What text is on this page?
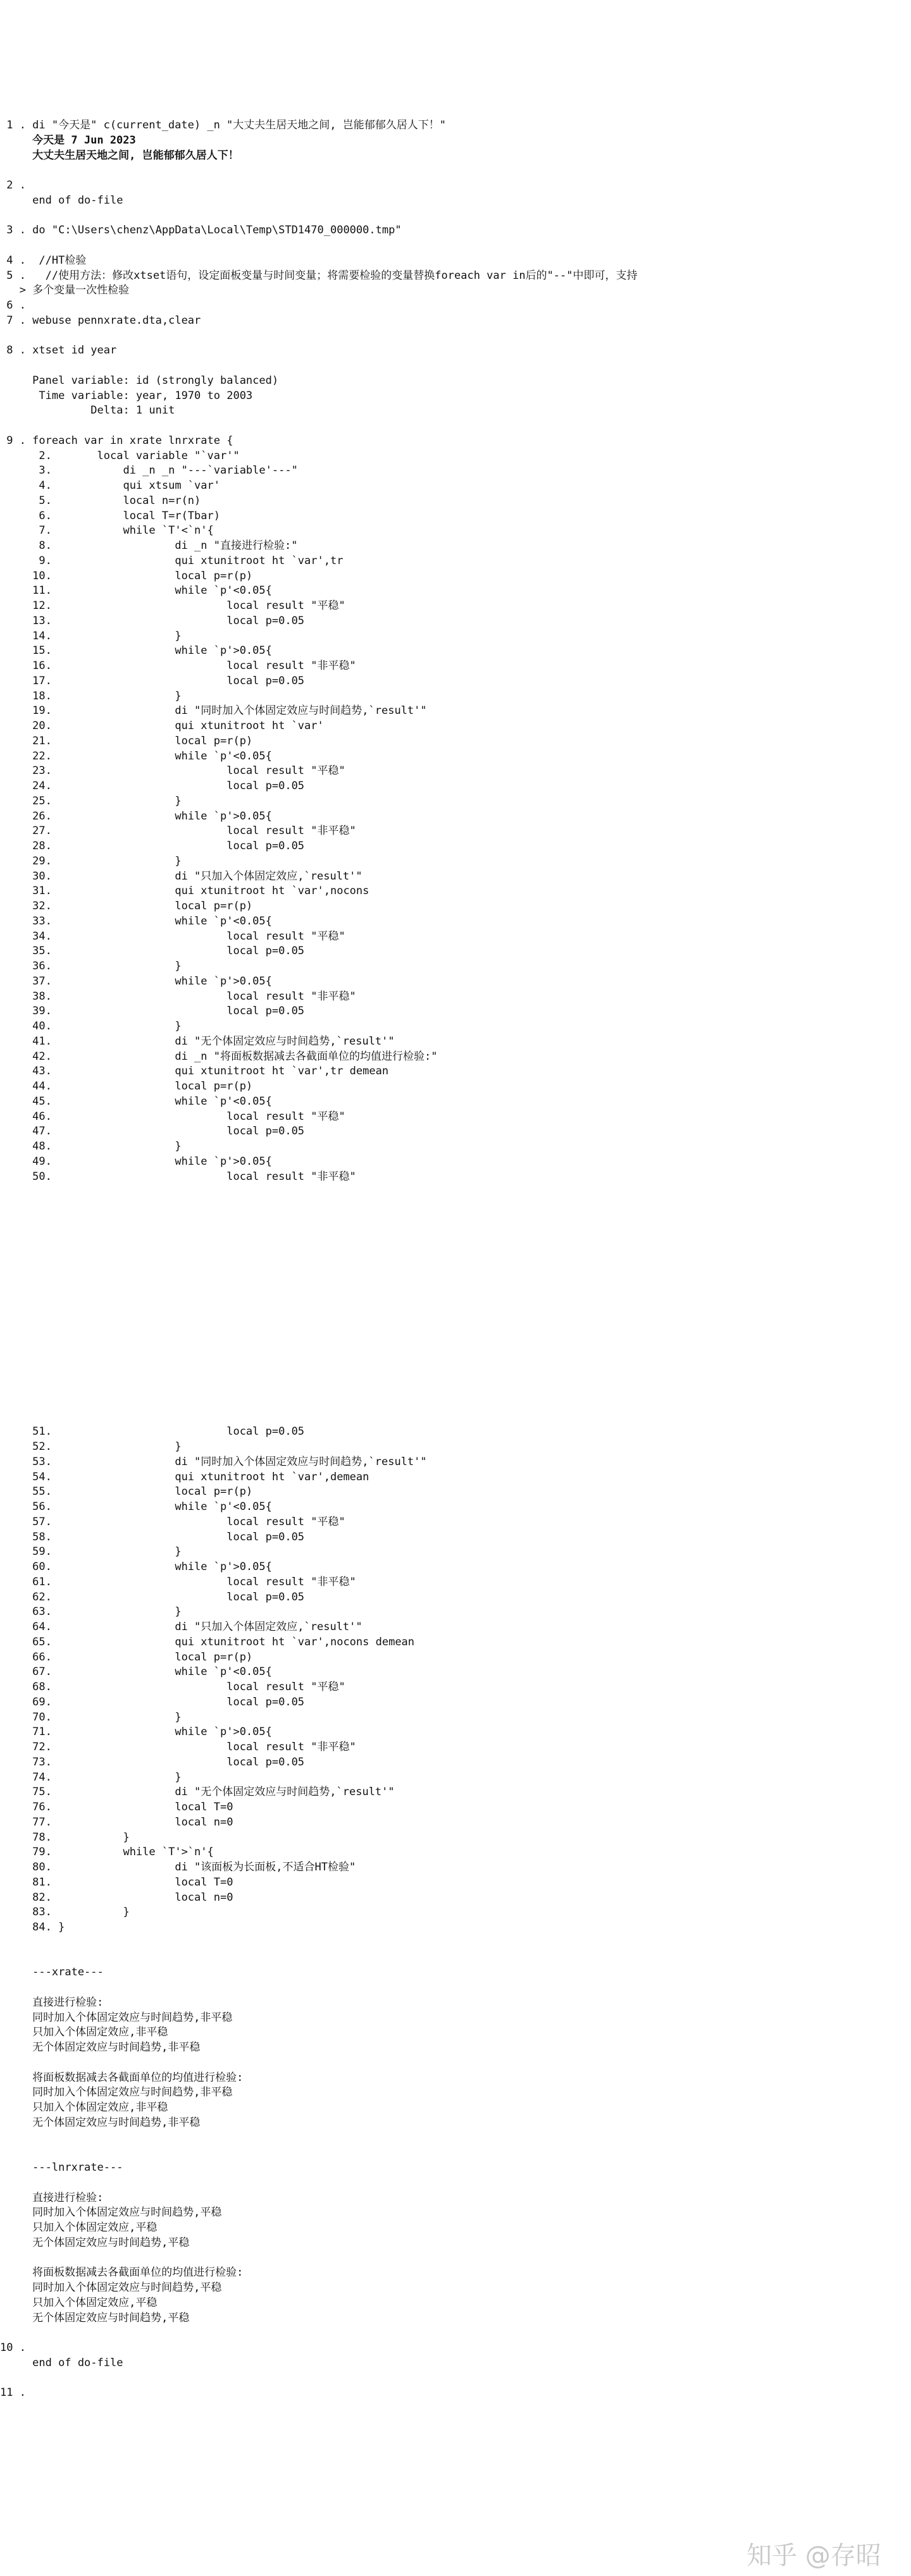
1 . di "今天是" c(current_date) _n "大丈夫生居天地之间, 岂能郁郁久居人下！"
今天是 7 Jun 2023
大丈夫生居天地之间, 岂能郁郁久居人下！
2 .
end of do-file
3 . do "C:\Users\chenz\AppData\Local\Temp\STD1470_000000.tmp"
4 .  //HT检验
5 .   //使用方法：修改xtset语句，设定面板变量与时间变量；将需要检验的变量替换foreach var in后的"--"中即可，支持
> 多个变量一次性检验
6 .
7 . webuse pennxrate.dta,clear
8 . xtset id year
Panel variable: id (strongly balanced)
Time variable: year, 1970 to 2003
Delta: 1 unit
9 . foreach var in xrate lnrxrate {
2.       local variable "`var'"
3.           di _n _n "---`variable'---"
4.           qui xtsum `var'
5.           local n=r(n)
6.           local T=r(Tbar)
7.           while `T'<`n'{
8.                   di _n "直接进行检验:"
9.                   qui xtunitroot ht `var',tr
10.                   local p=r(p)
11.                   while `p'<0.05{
12.                           local result "平稳"
13.                           local p=0.05
14.                   }
15.                   while `p'>0.05{
16.                           local result "非平稳"
17.                           local p=0.05
18.                   }
19.                   di "同时加入个体固定效应与时间趋势,`result'"
20.                   qui xtunitroot ht `var'
21.                   local p=r(p)
22.                   while `p'<0.05{
23.                           local result "平稳"
24.                           local p=0.05
25.                   }
26.                   while `p'>0.05{
27.                           local result "非平稳"
28.                           local p=0.05
29.                   }
30.                   di "只加入个体固定效应,`result'"
31.                   qui xtunitroot ht `var',nocons
32.                   local p=r(p)
33.                   while `p'<0.05{
34.                           local result "平稳"
35.                           local p=0.05
36.                   }
37.                   while `p'>0.05{
38.                           local result "非平稳"
39.                           local p=0.05
40.                   }
41.                   di "无个体固定效应与时间趋势,`result'"
42.                   di _n "将面板数据减去各截面单位的均值进行检验:"
43.                   qui xtunitroot ht `var',tr demean
44.                   local p=r(p)
45.                   while `p'<0.05{
46.                           local result "平稳"
47.                           local p=0.05
48.                   }
49.                   while `p'>0.05{
50.                           local result "非平稳"
51.                           local p=0.05
52.                   }
53.                   di "同时加入个体固定效应与时间趋势,`result'"
54.                   qui xtunitroot ht `var',demean
55.                   local p=r(p)
56.                   while `p'<0.05{
57.                           local result "平稳"
58.                           local p=0.05
59.                   }
60.                   while `p'>0.05{
61.                           local result "非平稳"
62.                           local p=0.05
63.                   }
64.                   di "只加入个体固定效应,`result'"
65.                   qui xtunitroot ht `var',nocons demean
66.                   local p=r(p)
67.                   while `p'<0.05{
68.                           local result "平稳"
69.                           local p=0.05
70.                   }
71.                   while `p'>0.05{
72.                           local result "非平稳"
73.                           local p=0.05
74.                   }
75.                   di "无个体固定效应与时间趋势,`result'"
76.                   local T=0
77.                   local n=0
78.           }
79.           while `T'>`n'{
80.                   di "该面板为长面板,不适合HT检验"
81.                   local T=0
82.                   local n=0
83.           }
84. }
---xrate---
直接进行检验:
同时加入个体固定效应与时间趋势,非平稳
只加入个体固定效应,非平稳
无个体固定效应与时间趋势,非平稳
将面板数据减去各截面单位的均值进行检验:
同时加入个体固定效应与时间趋势,非平稳
只加入个体固定效应,非平稳
无个体固定效应与时间趋势,非平稳
---lnrxrate---
直接进行检验:
同时加入个体固定效应与时间趋势,平稳
只加入个体固定效应,平稳
无个体固定效应与时间趋势,平稳
将面板数据减去各截面单位的均值进行检验:
同时加入个体固定效应与时间趋势,平稳
只加入个体固定效应,平稳
无个体固定效应与时间趋势,平稳
10 .
end of do-file
11 .
知乎 @存昭
